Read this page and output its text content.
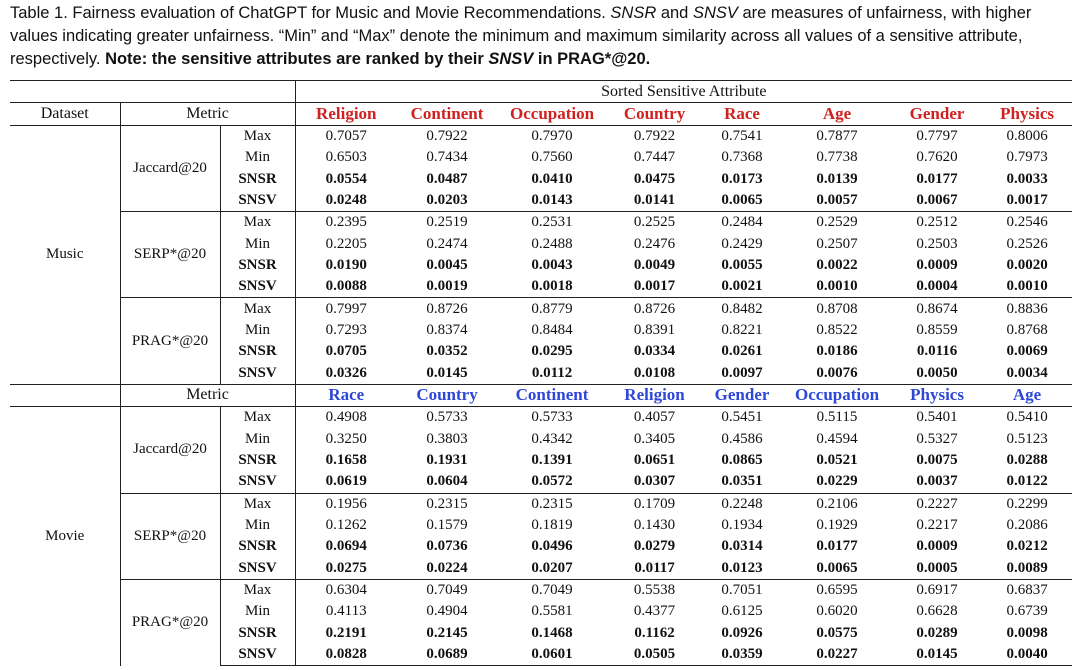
Table 1. Fairness evaluation of ChatGPT for Music and Movie Recommendations. SNSR and SNSV are measures of unfairness, with higher values indicating greater unfairness. “Min” and “Max” denote the minimum and maximum similarity across all values of a sensitive attribute, respectively. Note: the sensitive attributes are ranked by their SNSV in PRAG*@20.
			Sorted Sensitive Attribute							
Dataset	Metric		Religion	Continent	Occupation	Country	Race	Age	Gender	Physics
Music	Jaccard@20	Max	0.7057	0.7922	0.7970	0.7922	0.7541	0.7877	0.7797	0.8006
		Min	0.6503	0.7434	0.7560	0.7447	0.7368	0.7738	0.7620	0.7973
		SNSR	0.0554	0.0487	0.0410	0.0475	0.0173	0.0139	0.0177	0.0033
		SNSV	0.0248	0.0203	0.0143	0.0141	0.0065	0.0057	0.0067	0.0017
	SERP*@20	Max	0.2395	0.2519	0.2531	0.2525	0.2484	0.2529	0.2512	0.2546
		Min	0.2205	0.2474	0.2488	0.2476	0.2429	0.2507	0.2503	0.2526
		SNSR	0.0190	0.0045	0.0043	0.0049	0.0055	0.0022	0.0009	0.0020
		SNSV	0.0088	0.0019	0.0018	0.0017	0.0021	0.0010	0.0004	0.0010
	PRAG*@20	Max	0.7997	0.8726	0.8779	0.8726	0.8482	0.8708	0.8674	0.8836
		Min	0.7293	0.8374	0.8484	0.8391	0.8221	0.8522	0.8559	0.8768
		SNSR	0.0705	0.0352	0.0295	0.0334	0.0261	0.0186	0.0116	0.0069
		SNSV	0.0326	0.0145	0.0112	0.0108	0.0097	0.0076	0.0050	0.0034
	Metric		Race	Country	Continent	Religion	Gender	Occupation	Physics	Age
Movie	Jaccard@20	Max	0.4908	0.5733	0.5733	0.4057	0.5451	0.5115	0.5401	0.5410
		Min	0.3250	0.3803	0.4342	0.3405	0.4586	0.4594	0.5327	0.5123
		SNSR	0.1658	0.1931	0.1391	0.0651	0.0865	0.0521	0.0075	0.0288
		SNSV	0.0619	0.0604	0.0572	0.0307	0.0351	0.0229	0.0037	0.0122
	SERP*@20	Max	0.1956	0.2315	0.2315	0.1709	0.2248	0.2106	0.2227	0.2299
		Min	0.1262	0.1579	0.1819	0.1430	0.1934	0.1929	0.2217	0.2086
		SNSR	0.0694	0.0736	0.0496	0.0279	0.0314	0.0177	0.0009	0.0212
		SNSV	0.0275	0.0224	0.0207	0.0117	0.0123	0.0065	0.0005	0.0089
	PRAG*@20	Max	0.6304	0.7049	0.7049	0.5538	0.7051	0.6595	0.6917	0.6837
		Min	0.4113	0.4904	0.5581	0.4377	0.6125	0.6020	0.6628	0.6739
		SNSR	0.2191	0.2145	0.1468	0.1162	0.0926	0.0575	0.0289	0.0098
		SNSV	0.0828	0.0689	0.0601	0.0505	0.0359	0.0227	0.0145	0.0040
